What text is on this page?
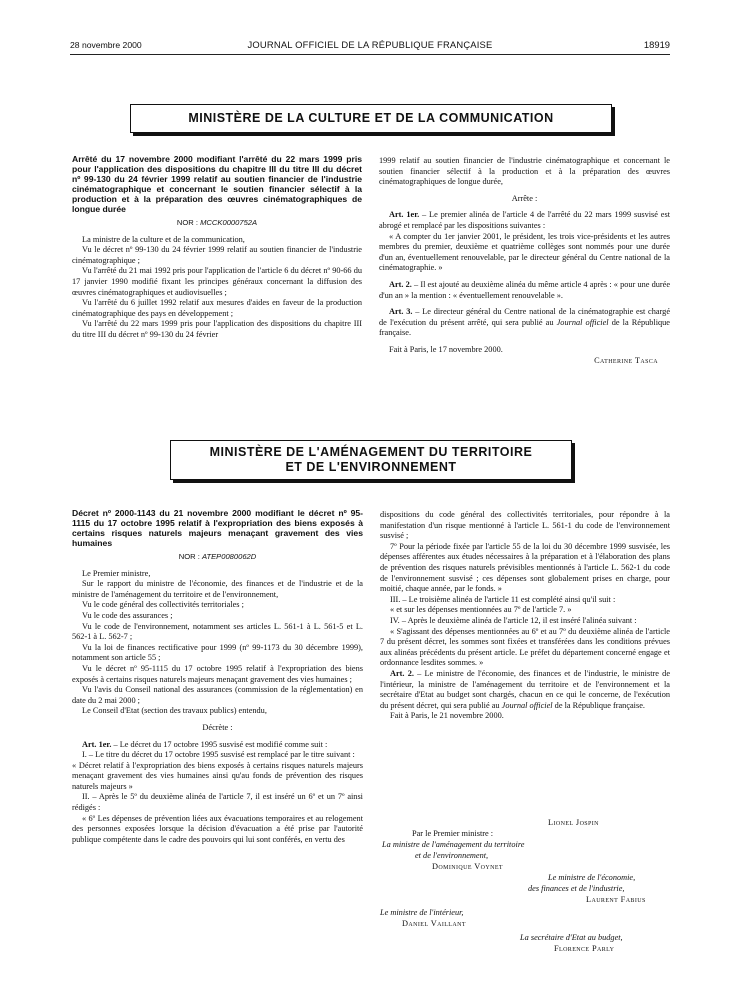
28 novembre 2000	JOURNAL OFFICIEL DE LA RÉPUBLIQUE FRANÇAISE	18919
MINISTÈRE DE LA CULTURE ET DE LA COMMUNICATION
Arrêté du 17 novembre 2000 modifiant l'arrêté du 22 mars 1999 pris pour l'application des dispositions du chapitre III du titre III du décret nº 99-130 du 24 février 1999 relatif au soutien financier de l'industrie cinématographique et concernant le soutien financier sélectif à la production et à la préparation des œuvres cinématographiques de longue durée
NOR : MCCK0000752A

La ministre de la culture et de la communication,

Vu le décret nº 99-130 du 24 février 1999 relatif au soutien financier de l'industrie cinématographique ;

Vu l'arrêté du 21 mai 1992 pris pour l'application de l'article 6 du décret nº 90-66 du 17 janvier 1990 modifié fixant les principes généraux concernant la diffusion des œuvres cinématographiques et audiovisuelles ;

Vu l'arrêté du 6 juillet 1992 relatif aux mesures d'aides en faveur de la production cinématographique des pays en développement ;

Vu l'arrêté du 22 mars 1999 pris pour l'application des dispositions du chapitre III du titre III du décret nº 99-130 du 24 février

1999 relatif au soutien financier de l'industrie cinématographique et concernant le soutien financier sélectif à la production et à la préparation des œuvres cinématographiques de longue durée,

Arrête :

Art. 1er. – Le premier alinéa de l'article 4 de l'arrêté du 22 mars 1999 susvisé est abrogé et remplacé par les dispositions suivantes :

« A compter du 1er janvier 2001, le président, les trois vice-présidents et les autres membres du premier, deuxième et quatrième collèges sont nommés pour une durée d'un an, éventuellement renouvelable, par le directeur général du Centre national de la cinématographie. »

Art. 2. – Il est ajouté au deuxième alinéa du même article 4 après : « pour une durée d'un an » la mention : « éventuellement renouvelable ».

Art. 3. – Le directeur général du Centre national de la cinématographie est chargé de l'exécution du présent arrêté, qui sera publié au Journal officiel de la République française.

Fait à Paris, le 17 novembre 2000.

Catherine Tasca

MINISTÈRE DE L'AMÉNAGEMENT DU TERRITOIRE
ET DE L'ENVIRONNEMENT
Décret nº 2000-1143 du 21 novembre 2000 modifiant le décret nº 95-1115 du 17 octobre 1995 relatif à l'expropriation des biens exposés à certains risques naturels majeurs menaçant gravement des vies humaines
NOR : ATEP0080062D

Le Premier ministre,

Sur le rapport du ministre de l'économie, des finances et de l'industrie et de la ministre de l'aménagement du territoire et de l'environnement,

Vu le code général des collectivités territoriales ;

Vu le code des assurances ;

Vu le code de l'environnement, notamment ses articles L. 561-1 à L. 561-5 et L. 562-1 à L. 562-7 ;

Vu la loi de finances rectificative pour 1999 (nº 99-1173 du 30 décembre 1999), notamment son article 55 ;

Vu le décret nº 95-1115 du 17 octobre 1995 relatif à l'expropriation des biens exposés à certains risques naturels majeurs menaçant gravement des vies humaines ;

Vu l'avis du Conseil national des assurances (commission de la réglementation) en date du 2 mai 2000 ;

Le Conseil d'Etat (section des travaux publics) entendu,

Décrète :

Art. 1er. – Le décret du 17 octobre 1995 susvisé est modifié comme suit :

I. – Le titre du décret du 17 octobre 1995 susvisé est remplacé par le titre suivant :

« Décret relatif à l'expropriation des biens exposés à certains risques naturels majeurs menaçant gravement des vies humaines ainsi qu'au fonds de prévention des risques naturels majeurs »

II. – Après le 5º du deuxième alinéa de l'article 7, il est inséré un 6º et un 7º ainsi rédigés :

« 6º Les dépenses de prévention liées aux évacuations temporaires et au relogement des personnes exposées lorsque la décision d'évacuation a été prise par l'autorité publique compétente dans le cadre des pouvoirs qui lui sont conférés, en vertu des

dispositions du code général des collectivités territoriales, pour répondre à la manifestation d'un risque mentionné à l'article L. 561-1 du code de l'environnement susvisé ;

7º Pour la période fixée par l'article 55 de la loi du 30 décembre 1999 susvisée, les dépenses afférentes aux études nécessaires à la préparation et à l'élaboration des plans de prévention des risques naturels prévisibles mentionnés à l'article L. 562-1 du code de l'environnement susvisé ; ces dépenses sont globalement prises en charge, pour moitié, chaque année, par le fonds. »

III. – Le troisième alinéa de l'article 11 est complété ainsi qu'il suit :

« et sur les dépenses mentionnées au 7º de l'article 7. »

IV. – Après le deuxième alinéa de l'article 12, il est inséré l'alinéa suivant :

« S'agissant des dépenses mentionnées au 6º et au 7º du deuxième alinéa de l'article 7 du présent décret, les sommes sont fixées et transférées dans les conditions prévues aux alinéas précédents du présent article. Le préfet du département concerné engage et ordonnance lesdites sommes. »

Art. 2. – Le ministre de l'économie, des finances et de l'industrie, le ministre de l'intérieur, la ministre de l'aménagement du territoire et de l'environnement et la secrétaire d'Etat au budget sont chargés, chacun en ce qui le concerne, de l'exécution du présent décret, qui sera publié au Journal officiel de la République française.

Fait à Paris, le 21 novembre 2000.

Lionel Jospin
Par le Premier ministre :
La ministre de l'aménagement du territoire
et de l'environnement,
Dominique Voynet
Le ministre de l'économie,
des finances et de l'industrie,
Laurent Fabius
Le ministre de l'intérieur,
Daniel Vaillant
La secrétaire d'Etat au budget,
Florence Parly
